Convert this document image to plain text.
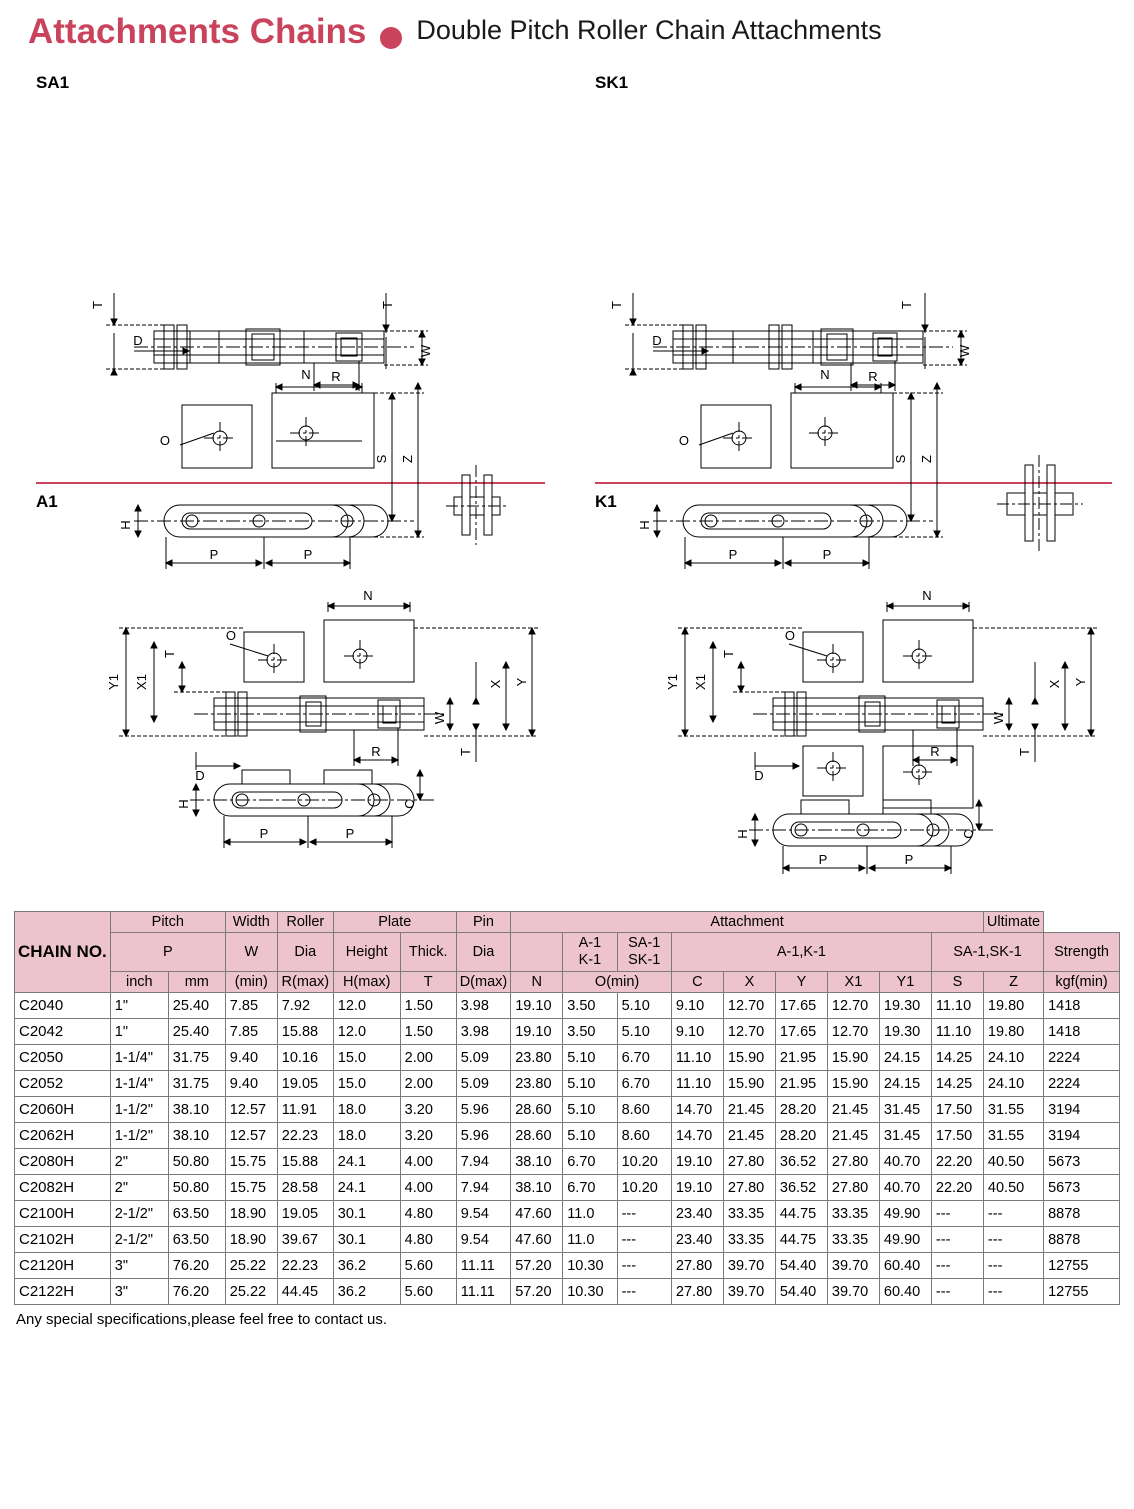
Attachments Chains Double Pitch Roller Chain Attachments
SA1
T
D
R
T
W
O
N
S Z
H
P	P
SK1
T
D
R
T
W
O
N
S Z
H
P	P
A1
O
N
Y1 X1
T
D
R
W
T
X Y
C
H
P	P
K1
O
N
Y1 X1
T
D
R
W
T
X Y
C
H
P	P
CHAIN NO.	Pitch		Width	Roller	Plate		Pin	Attachment									Ultimate	
	P		W	Dia	Height	Thick.	Dia		A-1
K-1	SA-1
SK-1	A-1,K-1					SA-1,SK-1		Strength
	inch	mm	(min)	R(max)	H(max)	T	D(max)	N	O(min)		C	X	Y	X1	Y1	S	Z	kgf(min)
C2040	1"	25.40	7.85	7.92	12.0	1.50	3.98	19.10	3.50	5.10	9.10	12.70	17.65	12.70	19.30	11.10	19.80	1418
C2042	1"	25.40	7.85	15.88	12.0	1.50	3.98	19.10	3.50	5.10	9.10	12.70	17.65	12.70	19.30	11.10	19.80	1418
C2050	1-1/4"	31.75	9.40	10.16	15.0	2.00	5.09	23.80	5.10	6.70	11.10	15.90	21.95	15.90	24.15	14.25	24.10	2224
C2052	1-1/4"	31.75	9.40	19.05	15.0	2.00	5.09	23.80	5.10	6.70	11.10	15.90	21.95	15.90	24.15	14.25	24.10	2224
C2060H	1-1/2"	38.10	12.57	11.91	18.0	3.20	5.96	28.60	5.10	8.60	14.70	21.45	28.20	21.45	31.45	17.50	31.55	3194
C2062H	1-1/2"	38.10	12.57	22.23	18.0	3.20	5.96	28.60	5.10	8.60	14.70	21.45	28.20	21.45	31.45	17.50	31.55	3194
C2080H	2"	50.80	15.75	15.88	24.1	4.00	7.94	38.10	6.70	10.20	19.10	27.80	36.52	27.80	40.70	22.20	40.50	5673
C2082H	2"	50.80	15.75	28.58	24.1	4.00	7.94	38.10	6.70	10.20	19.10	27.80	36.52	27.80	40.70	22.20	40.50	5673
C2100H	2-1/2"	63.50	18.90	19.05	30.1	4.80	9.54	47.60	11.0	---	23.40	33.35	44.75	33.35	49.90	---	---	8878
C2102H	2-1/2"	63.50	18.90	39.67	30.1	4.80	9.54	47.60	11.0	---	23.40	33.35	44.75	33.35	49.90	---	---	8878
C2120H	3"	76.20	25.22	22.23	36.2	5.60	11.11	57.20	10.30	---	27.80	39.70	54.40	39.70	60.40	---	---	12755
C2122H	3"	76.20	25.22	44.45	36.2	5.60	11.11	57.20	10.30	---	27.80	39.70	54.40	39.70	60.40	---	---	12755
Any special specifications,please feel free to contact us.
